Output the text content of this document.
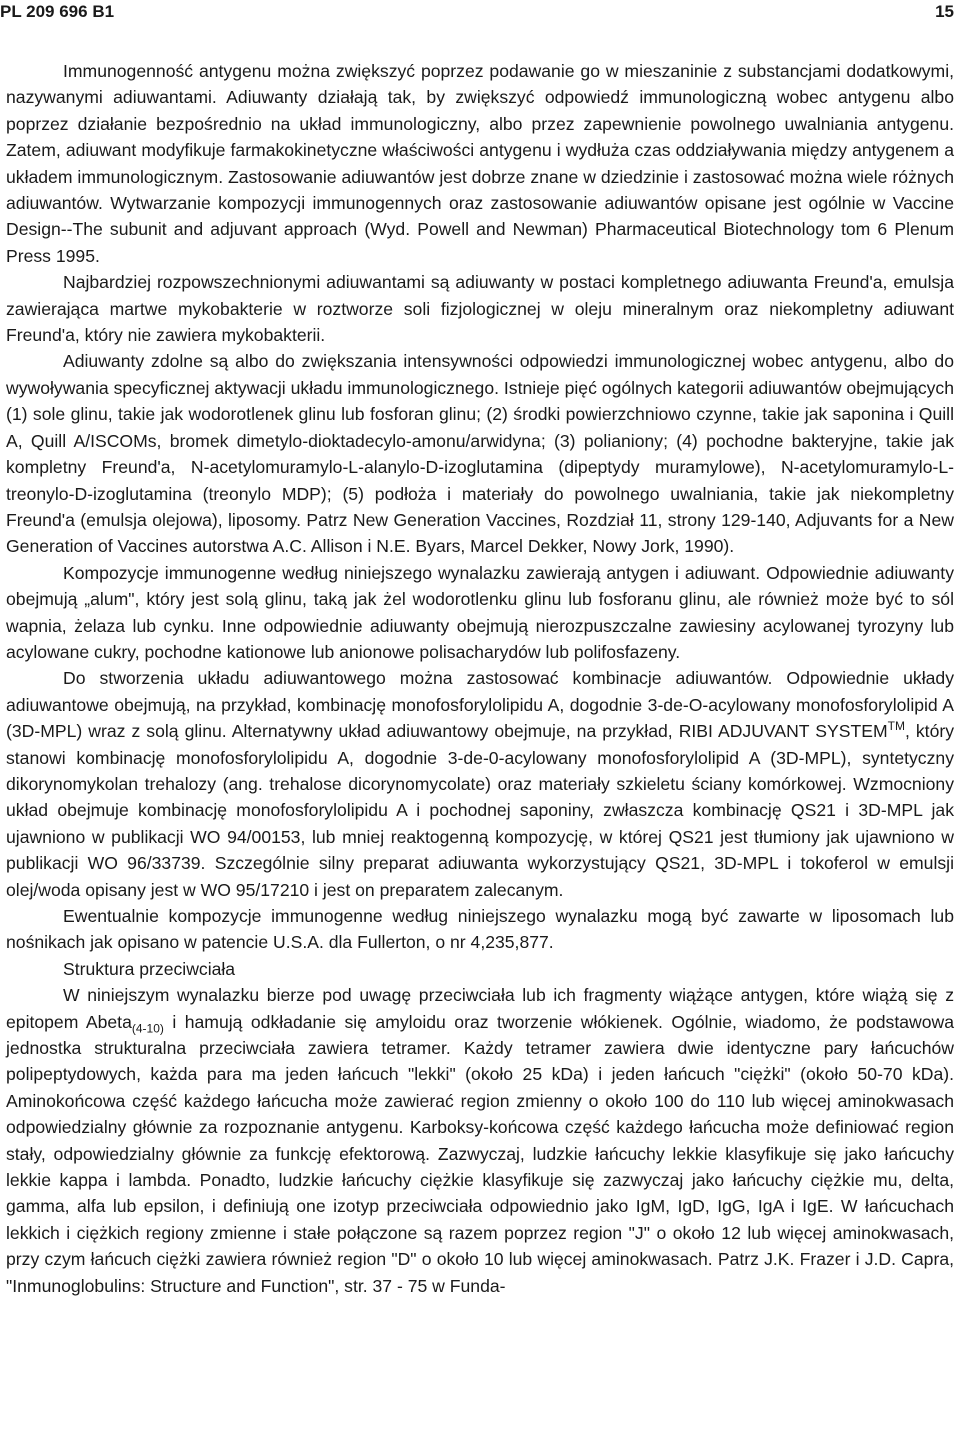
PL 209 696 B1	15

Immunogenność antygenu można zwiększyć poprzez podawanie go w mieszaninie z substancjami dodatkowymi, nazywanymi adiuwantami. Adiuwanty działają tak, by zwiększyć odpowiedź immunologiczną wobec antygenu albo poprzez działanie bezpośrednio na układ immunologiczny, albo przez zapewnienie powolnego uwalniania antygenu. Zatem, adiuwant modyfikuje farmakokinetyczne właściwości antygenu i wydłuża czas oddziaływania między antygenem a układem immunologicznym. Zastosowanie adiuwantów jest dobrze znane w dziedzinie i zastosować można wiele różnych adiuwantów. Wytwarzanie kompozycji immunogennych oraz zastosowanie adiuwantów opisane jest ogólnie w Vaccine Design--The subunit and adjuvant approach (Wyd. Powell and Newman) Pharmaceutical Biotechnology tom 6 Plenum Press 1995.

Najbardziej rozpowszechnionymi adiuwantami są adiuwanty w postaci kompletnego adiuwanta Freund'a, emulsja zawierająca martwe mykobakterie w roztworze soli fizjologicznej w oleju mineralnym oraz niekompletny adiuwant Freund'a, który nie zawiera mykobakterii.

Adiuwanty zdolne są albo do zwiększania intensywności odpowiedzi immunologicznej wobec antygenu, albo do wywoływania specyficznej aktywacji układu immunologicznego. Istnieje pięć ogólnych kategorii adiuwantów obejmujących (1) sole glinu, takie jak wodorotlenek glinu lub fosforan glinu; (2) środki powierzchniowo czynne, takie jak saponina i Quill A, Quill A/ISCOMs, bromek dimetylo-dioktadecylo-amonu/arwidyna; (3) polianiony; (4) pochodne bakteryjne, takie jak kompletny Freund'a, N-acetylomuramylo-L-alanylo-D-izoglutamina (dipeptydy muramylowe), N-acetylomuramylo-L-treonylo-D-izoglutamina (treonylo MDP); (5) podłoża i materiały do powolnego uwalniania, takie jak niekompletny Freund'a (emulsja olejowa), liposomy. Patrz New Generation Vaccines, Rozdział 11, strony 129-140, Adjuvants for a New Generation of Vaccines autorstwa A.C. Allison i N.E. Byars, Marcel Dekker, Nowy Jork, 1990).

Kompozycje immunogenne według niniejszego wynalazku zawierają antygen i adiuwant. Odpowiednie adiuwanty obejmują „alum", który jest solą glinu, taką jak żel wodorotlenku glinu lub fosforanu glinu, ale również może być to sól wapnia, żelaza lub cynku. Inne odpowiednie adiuwanty obejmują nierozpuszczalne zawiesiny acylowanej tyrozyny lub acylowane cukry, pochodne kationowe lub anionowe polisacharydów lub polifosfazeny.

Do stworzenia układu adiuwantowego można zastosować kombinacje adiuwantów. Odpowiednie układy adiuwantowe obejmują, na przykład, kombinację monofosforylolipidu A, dogodnie 3-de-O-acylowany monofosforylolipid A (3D-MPL) wraz z solą glinu. Alternatywny układ adiuwantowy obejmuje, na przykład, RIBI ADJUVANT SYSTEM™, który stanowi kombinację monofosforylolipidu A, dogodnie 3-de-0-acylowany monofosforylolipid A (3D-MPL), syntetyczny dikorynomykolan trehalozy (ang. trehalose dicorynomycolate) oraz materiały szkieletu ściany komórkowej. Wzmocniony układ obejmuje kombinację monofosforylolipidu A i pochodnej saponiny, zwłaszcza kombinację QS21 i 3D-MPL jak ujawniono w publikacji WO 94/00153, lub mniej reaktogenną kompozycję, w której QS21 jest tłumiony jak ujawniono w publikacji WO 96/33739. Szczególnie silny preparat adiuwanta wykorzystujący QS21, 3D-MPL i tokoferol w emulsji olej/woda opisany jest w WO 95/17210 i jest on preparatem zalecanym.

Ewentualnie kompozycje immunogenne według niniejszego wynalazku mogą być zawarte w liposomach lub nośnikach jak opisano w patencie U.S.A. dla Fullerton, o nr 4,235,877.

Struktura przeciwciała

W niniejszym wynalazku bierze pod uwagę przeciwciała lub ich fragmenty wiążące antygen, które wiążą się z epitopem Abeta$_{(4-10)}$ i hamują odkładanie się amyloidu oraz tworzenie włókienek. Ogólnie, wiadomo, że podstawowa jednostka strukturalna przeciwciała zawiera tetramer. Każdy tetramer zawiera dwie identyczne pary łańcuchów polipeptydowych, każda para ma jeden łańcuch "lekki" (około 25 kDa) i jeden łańcuch "ciężki" (około 50-70 kDa). Aminokońcowa część każdego łańcucha może zawierać region zmienny o około 100 do 110 lub więcej aminokwasach odpowiedzialny głównie za rozpoznanie antygenu. Karboksy-końcowa część każdego łańcucha może definiować region stały, odpowiedzialny głównie za funkcję efektorową. Zazwyczaj, ludzkie łańcuchy lekkie klasyfikuje się jako łańcuchy lekkie kappa i lambda. Ponadto, ludzkie łańcuchy ciężkie klasyfikuje się zazwyczaj jako łańcuchy ciężkie mu, delta, gamma, alfa lub epsilon, i definiują one izotyp przeciwciała odpowiednio jako IgM, IgD, IgG, IgA i IgE. W łańcuchach lekkich i ciężkich regiony zmienne i stałe połączone są razem poprzez region "J" o około 12 lub więcej aminokwasach, przy czym łańcuch ciężki zawiera również region "D" o około 10 lub więcej aminokwasach. Patrz J.K. Frazer i J.D. Capra, "Inmunoglobulins: Structure and Function", str. 37 - 75 w Funda-
